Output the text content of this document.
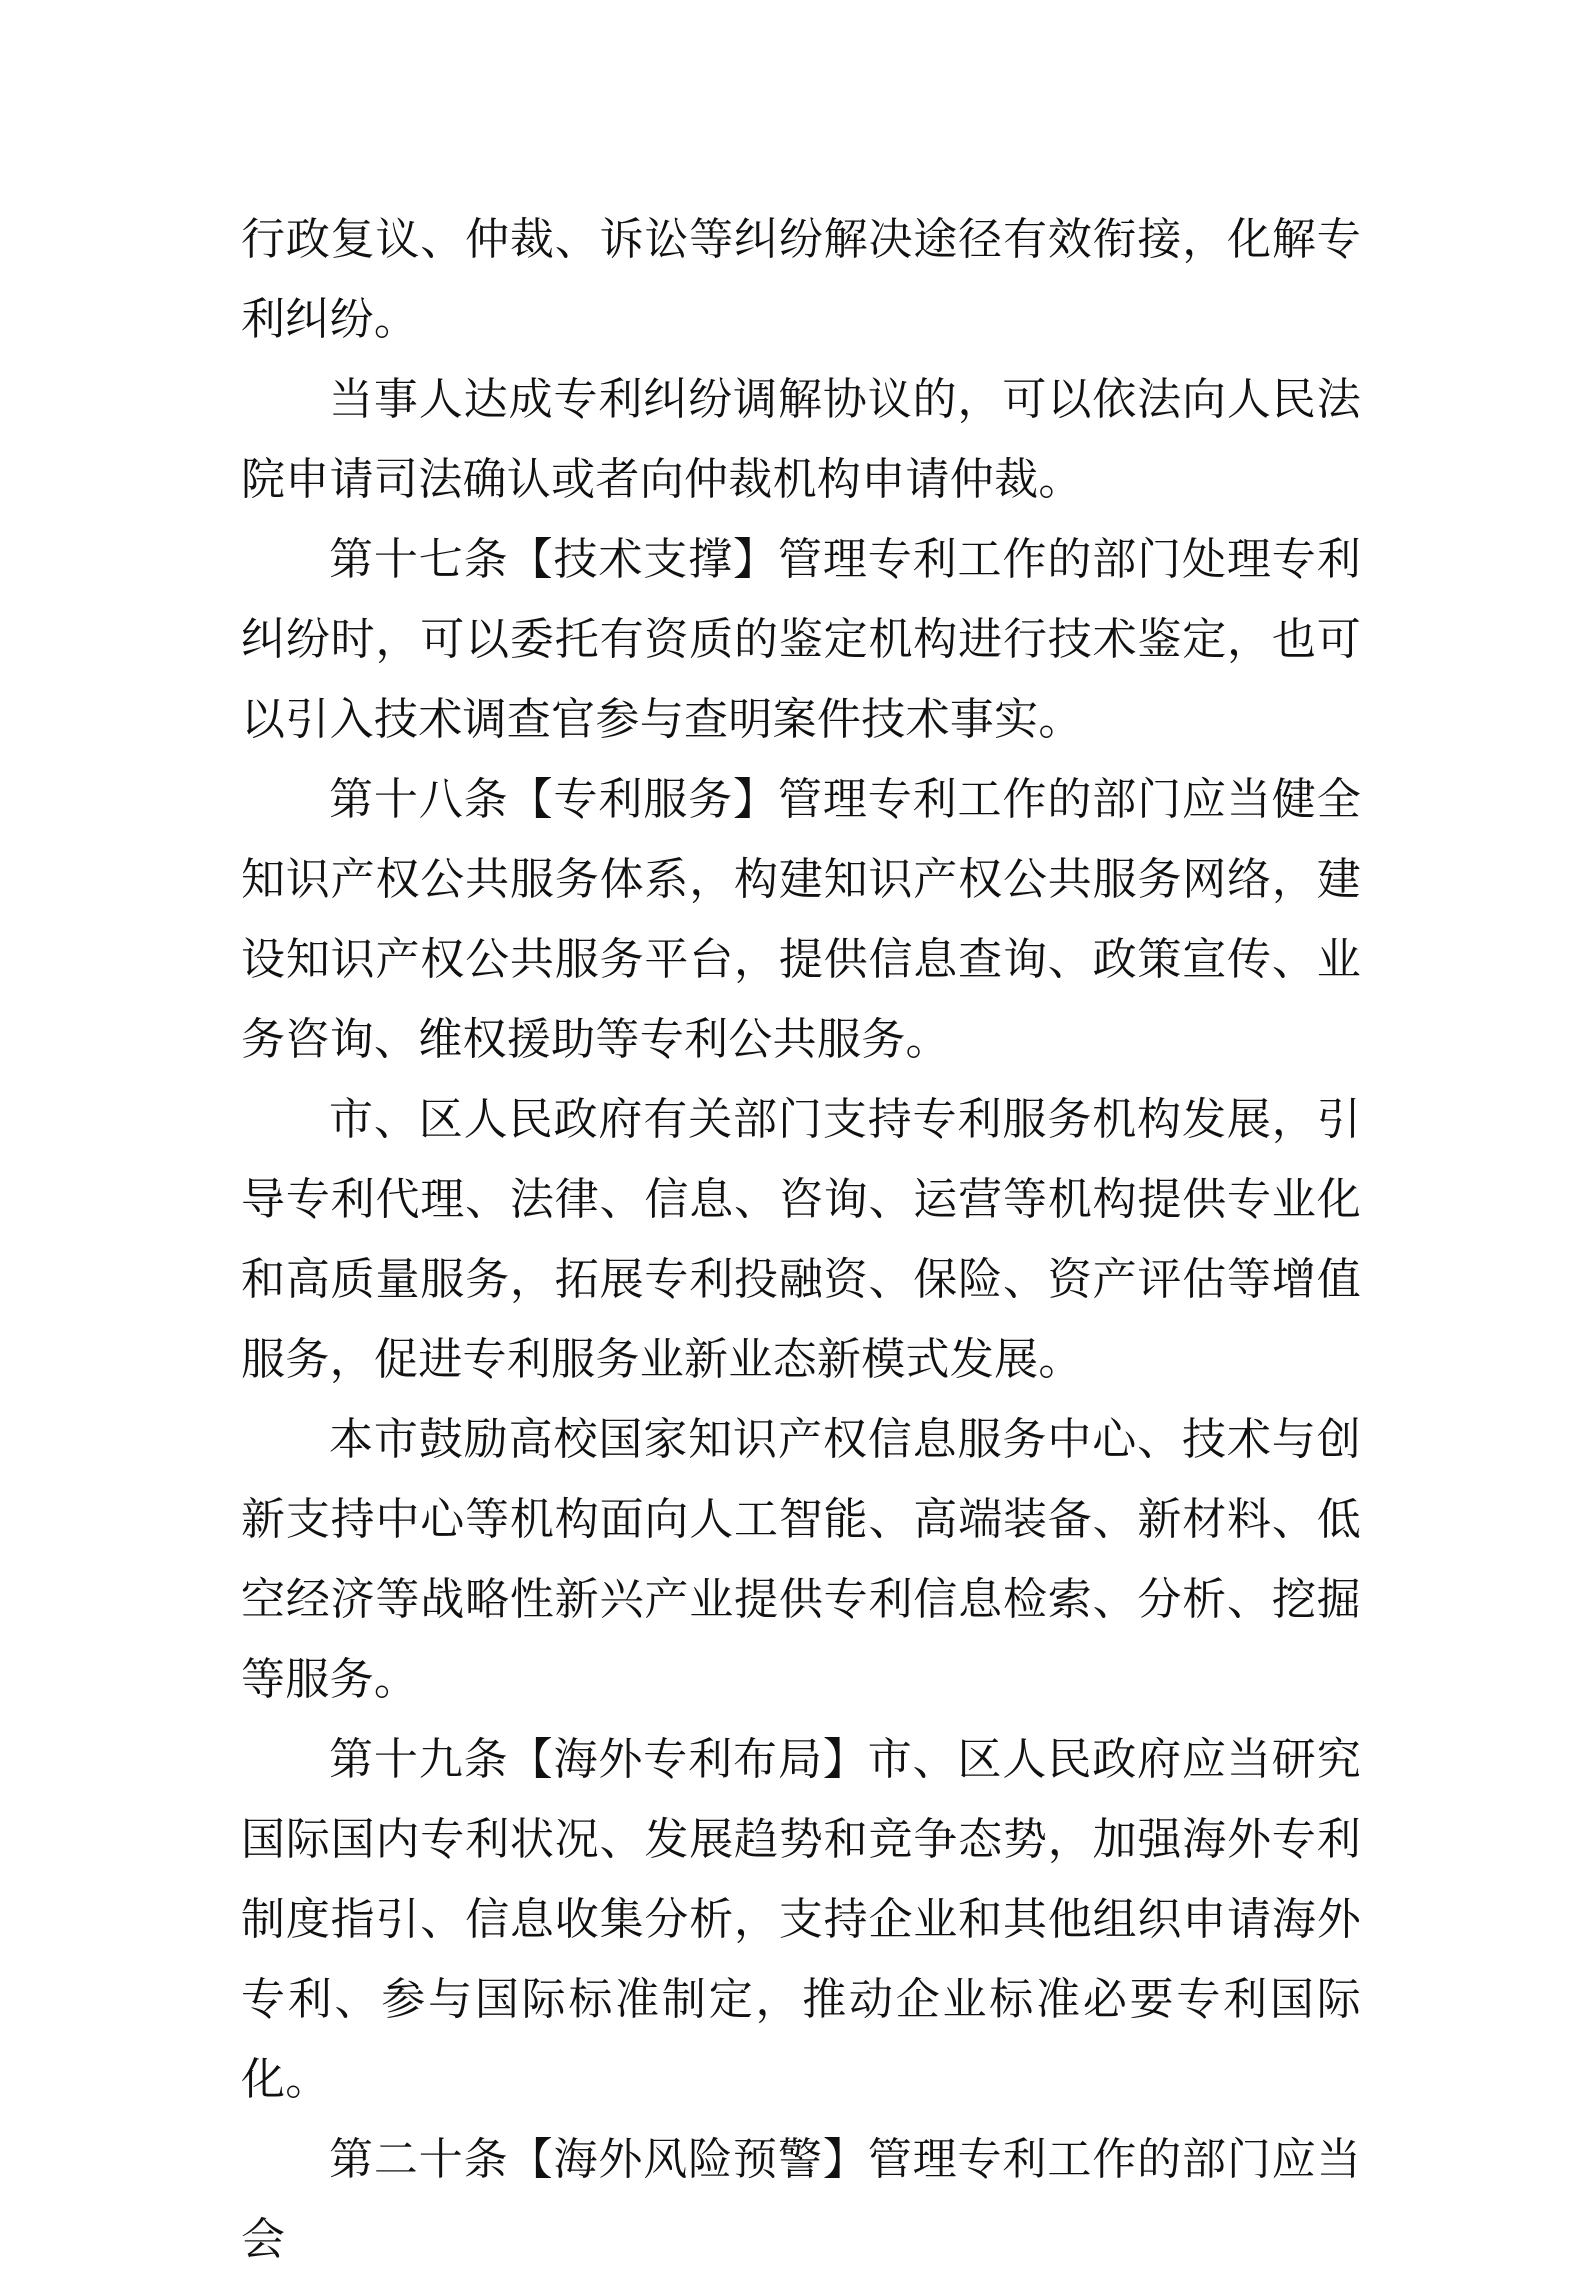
行政复议、仲裁、诉讼等纠纷解决途径有效衔接，化解专利纠纷。

当事人达成专利纠纷调解协议的，可以依法向人民法院申请司法确认或者向仲裁机构申请仲裁。

第十七条【技术支撑】管理专利工作的部门处理专利纠纷时，可以委托有资质的鉴定机构进行技术鉴定，也可以引入技术调查官参与查明案件技术事实。

第十八条【专利服务】管理专利工作的部门应当健全知识产权公共服务体系，构建知识产权公共服务网络，建设知识产权公共服务平台，提供信息查询、政策宣传、业务咨询、维权援助等专利公共服务。

市、区人民政府有关部门支持专利服务机构发展，引导专利代理、法律、信息、咨询、运营等机构提供专业化和高质量服务，拓展专利投融资、保险、资产评估等增值服务，促进专利服务业新业态新模式发展。

本市鼓励高校国家知识产权信息服务中心、技术与创新支持中心等机构面向人工智能、高端装备、新材料、低空经济等战略性新兴产业提供专利信息检索、分析、挖掘等服务。

第十九条【海外专利布局】市、区人民政府应当研究国际国内专利状况、发展趋势和竞争态势，加强海外专利制度指引、信息收集分析，支持企业和其他组织申请海外专利、参与国际标准制定，推动企业标准必要专利国际化。

第二十条【海外风险预警】管理专利工作的部门应当会
